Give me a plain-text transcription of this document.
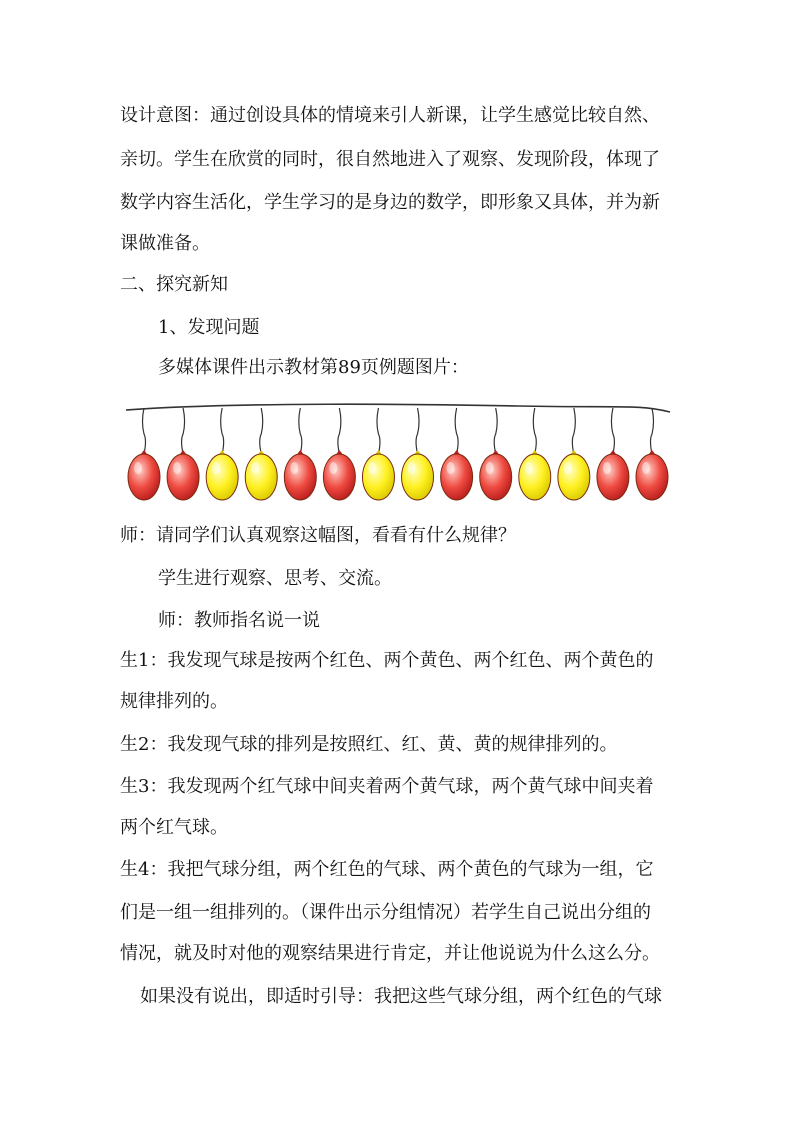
设计意图：通过创设具体的情境来引人新课，让学生感觉比较自然、
亲切。学生在欣赏的同时，很自然地进入了观察、发现阶段，体现了
数学内容生活化，学生学习的是身边的数学，即形象又具体，并为新
课做准备。
二、探究新知
1、发现问题
多媒体课件出示教材第89页例题图片：
师：请同学们认真观察这幅图，看看有什么规律？
学生进行观察、思考、交流。
师：教师指名说一说
生1：我发现气球是按两个红色、两个黄色、两个红色、两个黄色的
规律排列的。
生2：我发现气球的排列是按照红、红、黄、黄的规律排列的。
生3：我发现两个红气球中间夹着两个黄气球，两个黄气球中间夹着
两个红气球。
生4：我把气球分组，两个红色的气球、两个黄色的气球为一组，它
们是一组一组排列的。（课件出示分组情况）若学生自己说出分组的
情况，就及时对他的观察结果进行肯定，并让他说说为什么这么分。
如果没有说出，即适时引导：我把这些气球分组，两个红色的气球
